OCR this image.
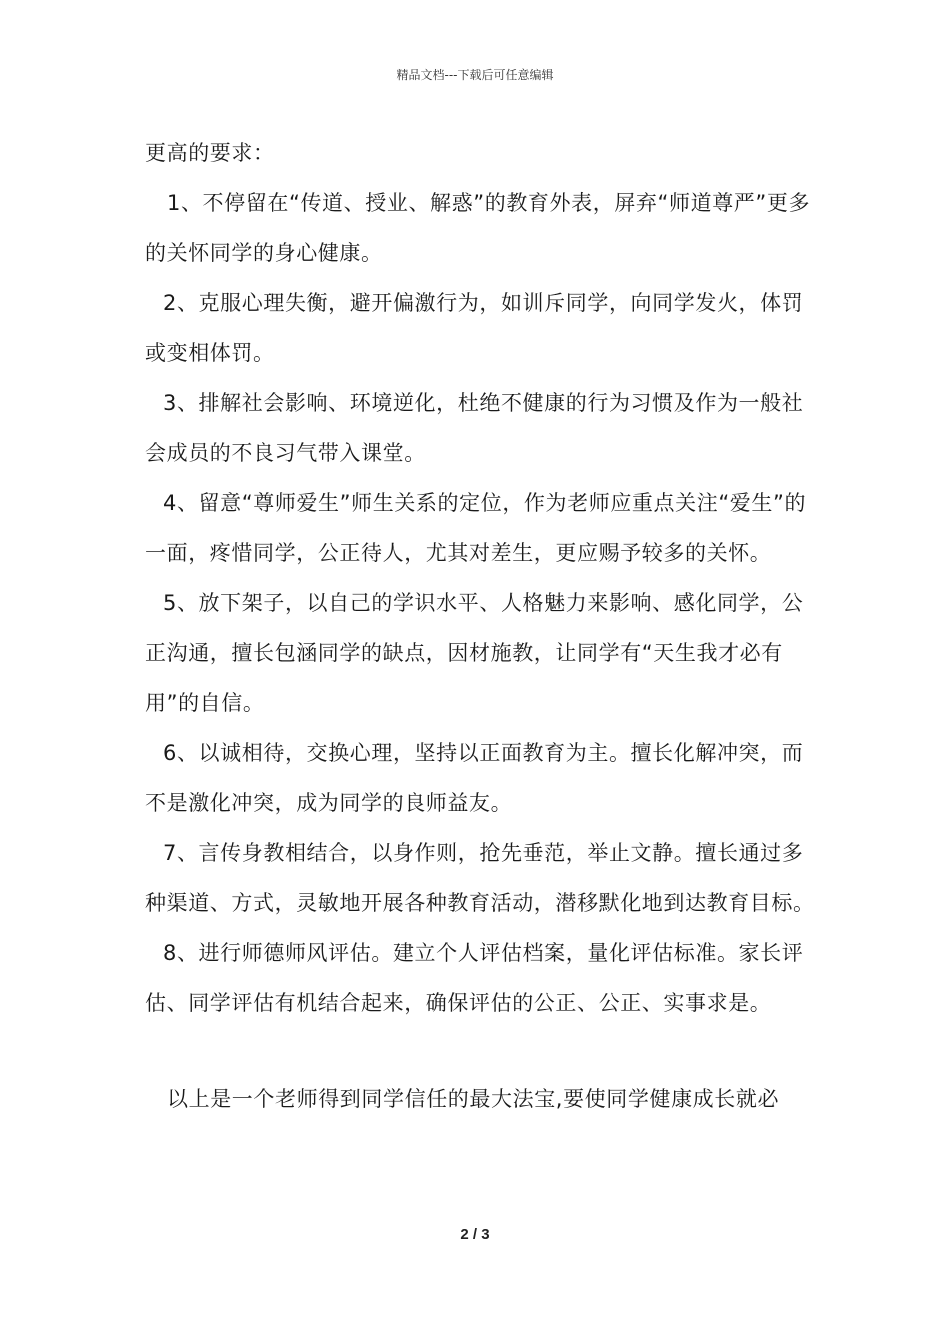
精品文档---下载后可任意编辑

更高的要求：

1、不停留在“传道、授业、解惑”的教育外表，屏弃“师道尊严”更多的关怀同学的身心健康。

2、克服心理失衡，避开偏激行为，如训斥同学，向同学发火，体罚或变相体罚。

3、排解社会影响、环境逆化，杜绝不健康的行为习惯及作为一般社会成员的不良习气带入课堂。

4、留意“尊师爱生”师生关系的定位，作为老师应重点关注“爱生”的一面，疼惜同学，公正待人，尤其对差生，更应赐予较多的关怀。

5、放下架子，以自己的学识水平、人格魅力来影响、感化同学，公正沟通，擅长包涵同学的缺点，因材施教，让同学有“天生我才必有用”的自信。

6、以诚相待，交换心理，坚持以正面教育为主。擅长化解冲突，而不是激化冲突，成为同学的良师益友。

7、言传身教相结合，以身作则，抢先垂范，举止文静。擅长通过多种渠道、方式，灵敏地开展各种教育活动，潜移默化地到达教育目标。

8、进行师德师风评估。建立个人评估档案，量化评估标准。家长评估、同学评估有机结合起来，确保评估的公正、公正、实事求是。

以上是一个老师得到同学信任的最大法宝,要使同学健康成长就必

2 / 3
